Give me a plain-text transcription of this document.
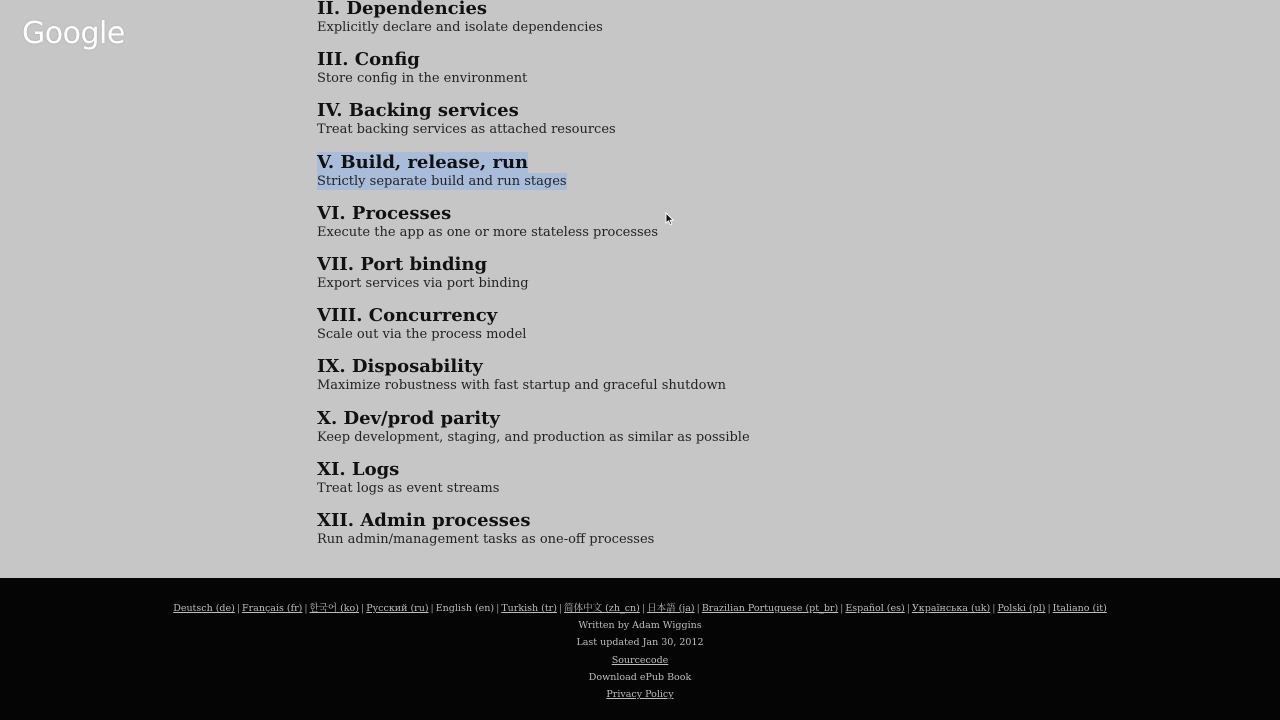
Google
II. Dependencies
Explicitly declare and isolate dependencies
III. Config
Store config in the environment
IV. Backing services
Treat backing services as attached resources
V. Build, release, run
Strictly separate build and run stages
VI. Processes
Execute the app as one or more stateless processes
VII. Port binding
Export services via port binding
VIII. Concurrency
Scale out via the process model
IX. Disposability
Maximize robustness with fast startup and graceful shutdown
X. Dev/prod parity
Keep development, staging, and production as similar as possible
XI. Logs
Treat logs as event streams
XII. Admin processes
Run admin/management tasks as one-off processes
Deutsch (de) | Français (fr) | 한국어 (ko) | Русский (ru) | English (en) | Turkish (tr) | 简体中文 (zh_cn) | 日本語 (ja) | Brazilian Portuguese (pt_br) | Español (es) | Українська (uk) | Polski (pl) | Italiano (it)
Written by Adam Wiggins
Last updated Jan 30, 2012
Sourcecode
Download ePub Book
Privacy Policy
